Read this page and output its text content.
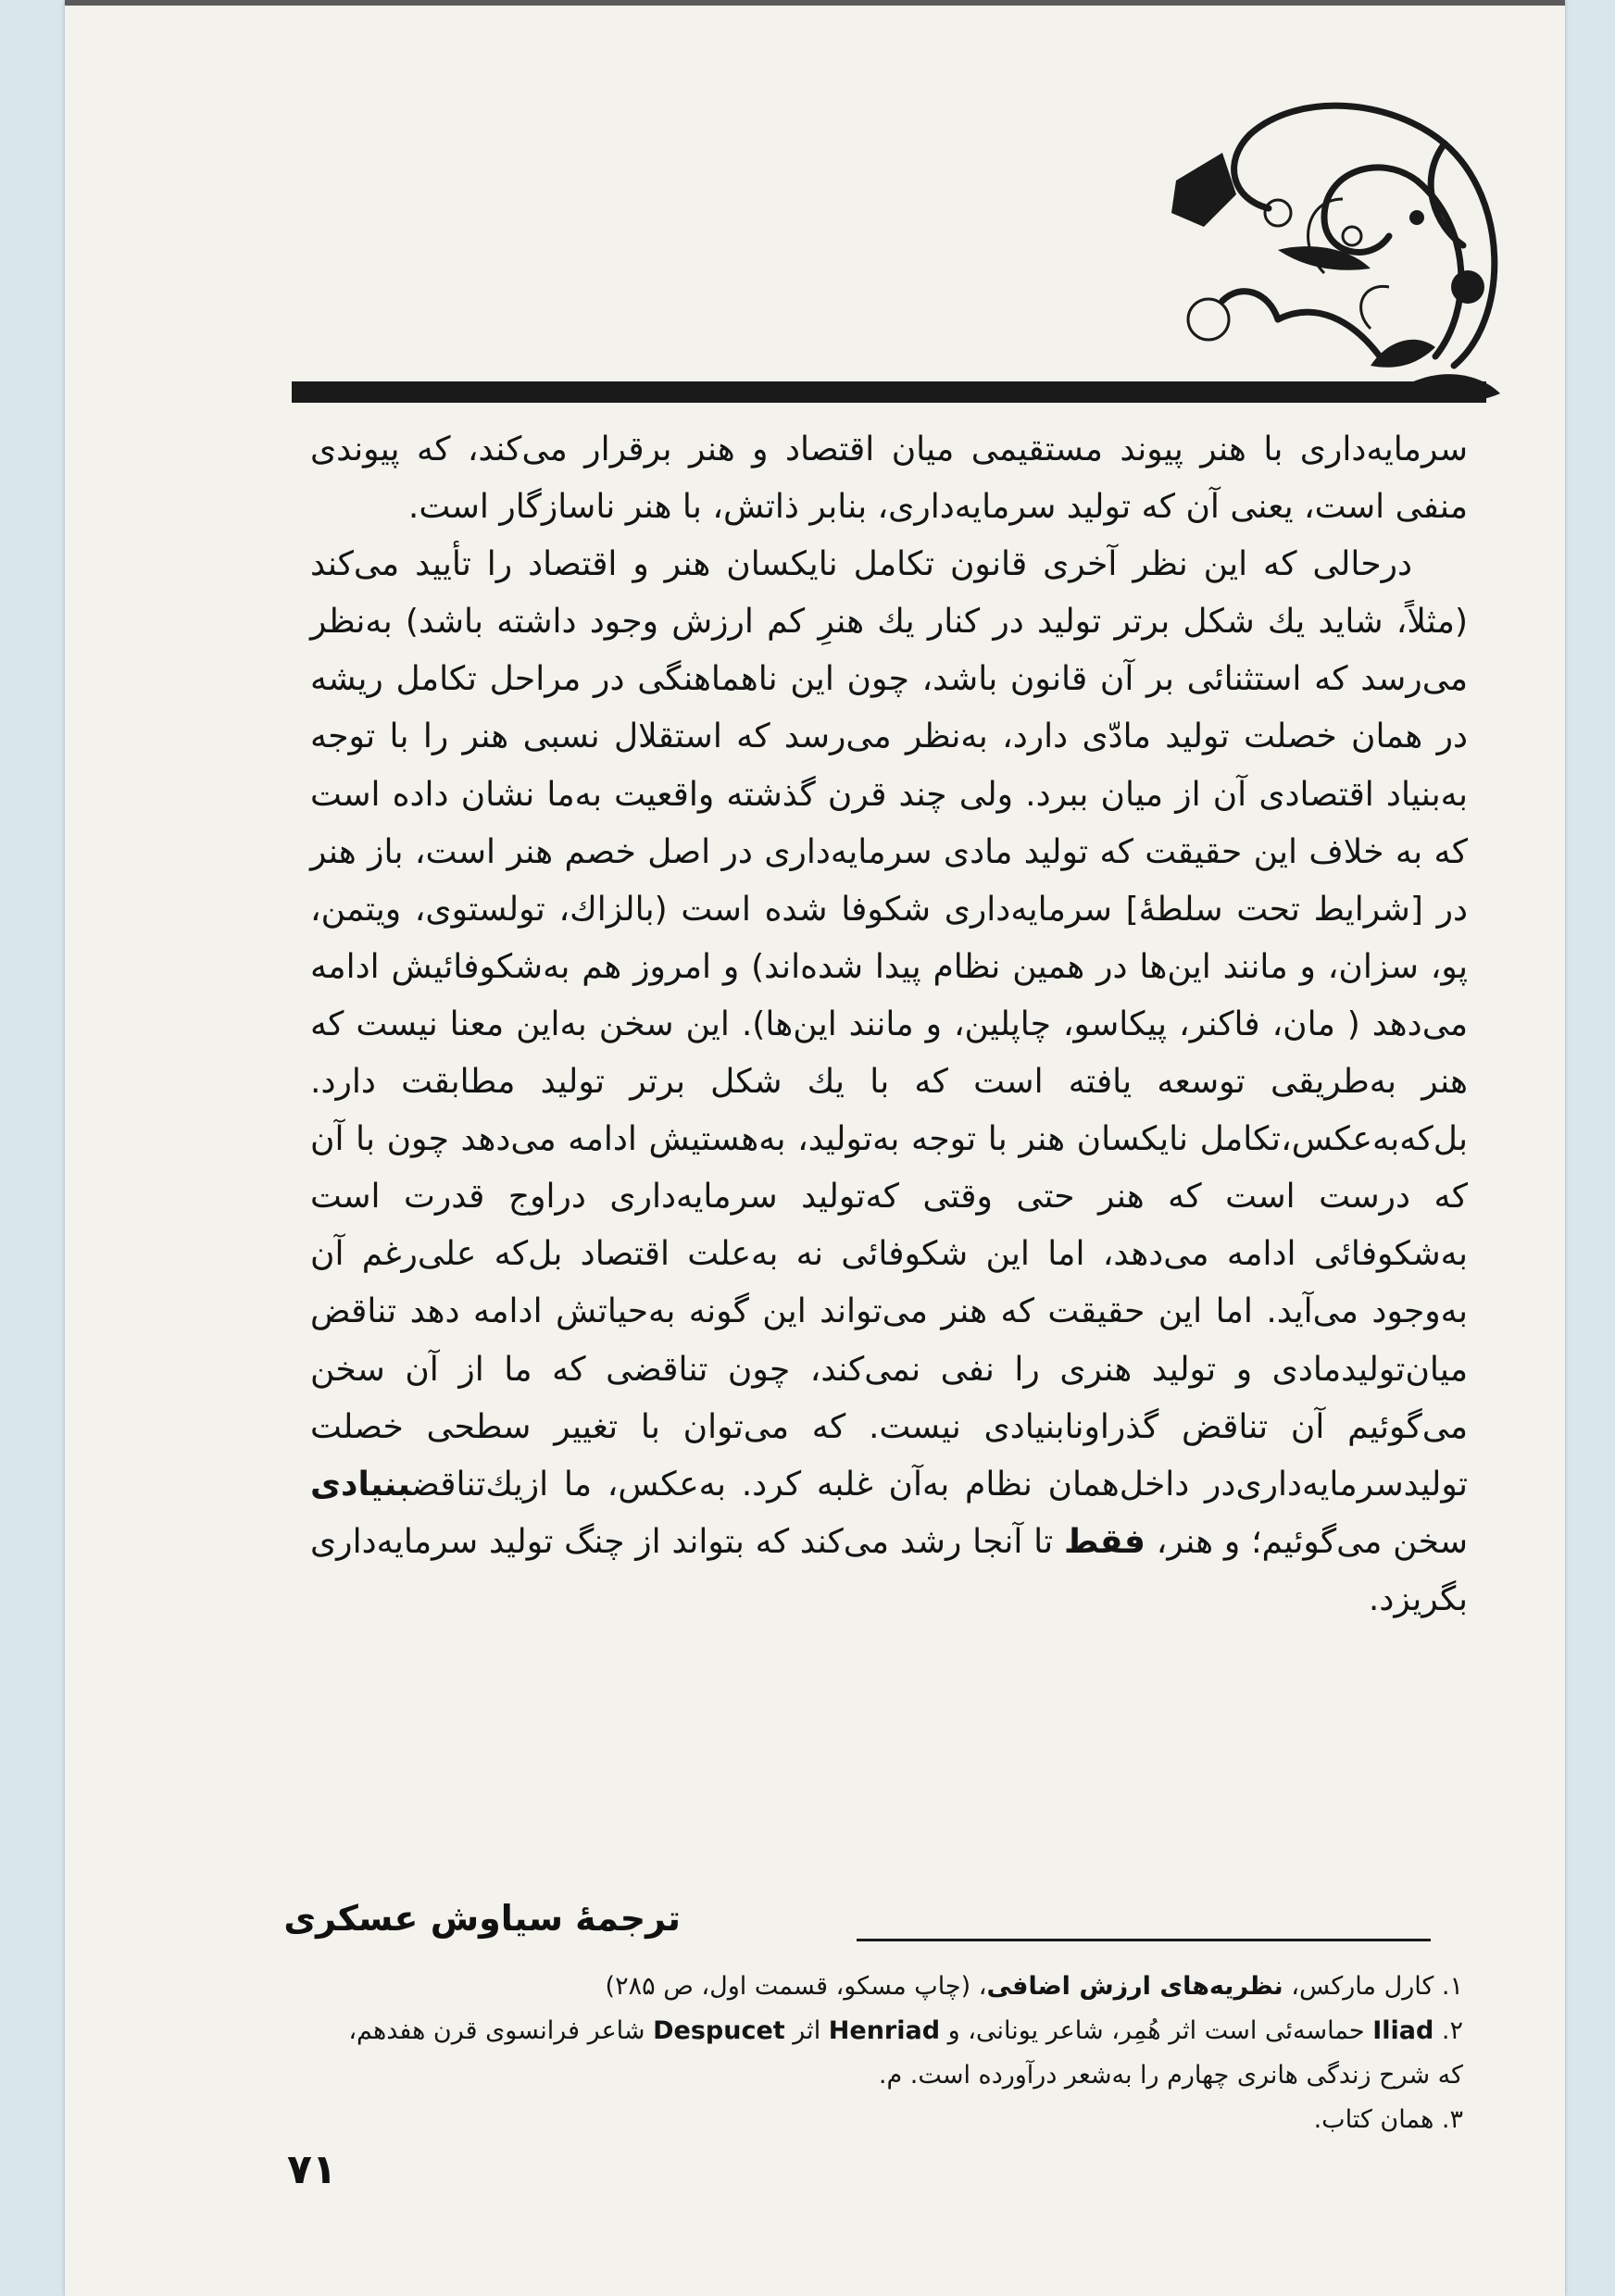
سرمایه‌داری با هنر پیوند مستقیمی میان اقتصاد و هنر برقرار می‌کند، که پیوندی منفی است، یعنی آن که تولید سرمایه‌داری، بنابر ذاتش، با هنر ناسازگار است.

درحالی که این نظر آخری قانون تکامل نایکسان هنر و اقتصاد را تأیید می‌کند (مثلاً، شاید یك شکل برتر تولید در کنار یك هنرِ کم ارزش وجود داشته باشد) به‌نظر می‌رسد که استثنائی بر آن قانون باشد، چون این ناهماهنگی در مراحل تکامل ریشه در همان خصلت تولید مادّی دارد، به‌نظر می‌رسد که استقلال نسبی هنر را با توجه به‌بنیاد اقتصادی آن از میان ببرد. ولی چند قرن گذشته واقعیت به‌ما نشان داده است که به خلاف این حقیقت که تولید مادی سرمایه‌داری در اصل خصم هنر است، باز هنر در [شرایط تحت سلطهٔ] سرمایه‌داری شکوفا شده است (بالزاك، تولستوی، ویتمن، پو، سزان، و مانند این‌ها در همین نظام پیدا شده‌اند) و امروز هم به‌شکوفائیش ادامه می‌دهد ( مان، فاکنر، پیکاسو، چاپلین، و مانند این‌ها). این سخن به‌این معنا نیست که هنر به‌طریقی توسعه یافته است که با یك شکل برتر تولید مطابقت دارد. بل‌که‌به‌عکس،تکامل نایکسان هنر با توجه به‌تولید، به‌هستیش ادامه می‌دهد چون با آن که درست است که هنر حتی وقتی که‌تولید سرمایه‌داری دراوج قدرت است به‌شکوفائی ادامه می‌دهد، اما این شکوفائی نه به‌علت اقتصاد بل‌که علی‌رغم آن به‌وجود می‌آید. اما این حقیقت که هنر می‌تواند این گونه به‌حیاتش ادامه دهد تناقض میان‌تولیدمادی و تولید هنری را نفی نمی‌کند، چون تناقضی که ما از آن سخن می‌گوئیم آن تناقض گذراونابنیادی نیست. که می‌توان با تغییر سطحی خصلت تولیدسرمایه‌داری‌در داخل‌همان نظام به‌آن غلبه کرد. به‌عکس، ما ازیك‌تناقضبنیادی سخن می‌گوئیم؛ و هنر، فقط تا آنجا رشد می‌کند که بتواند از چنگ تولید سرمایه‌داری بگریزد.

ترجمهٔ سیاوش عسکری
۱. کارل مارکس، نظریه‌های ارزش اضافی، (چاپ مسکو، قسمت اول، ص ۲۸۵)
۲. Iliad حماسه‌ئی است اثر هُمِر، شاعر یونانی، و Henriad اثر Despucet شاعر فرانسوی قرن هفدهم، که شرح زندگی هانری چهارم را به‌شعر درآورده است. م.
۳. همان کتاب.
۷۱
